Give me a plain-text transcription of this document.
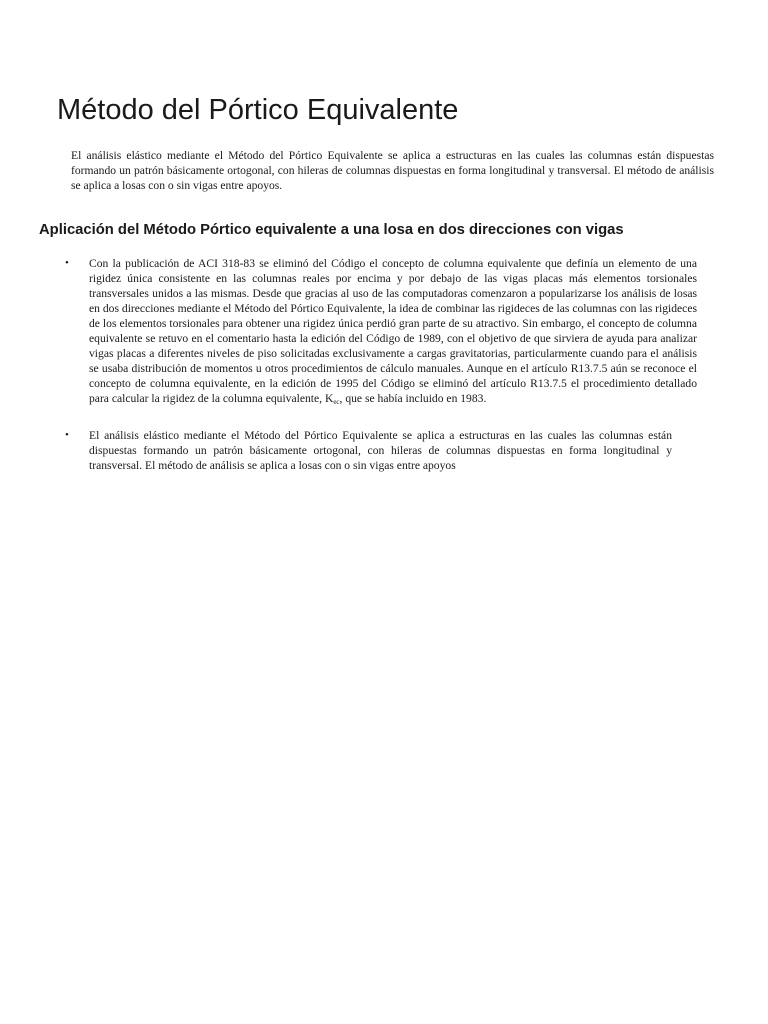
Método del Pórtico Equivalente

El análisis elástico mediante el Método del Pórtico Equivalente se aplica a estructuras en las cuales las columnas están dispuestas formando un patrón básicamente ortogonal, con hileras de columnas dispuestas en forma longitudinal y transversal. El método de análisis se aplica a losas con o sin vigas entre apoyos.

Aplicación del Método Pórtico equivalente a una losa en dos direcciones con vigas
• Con la publicación de ACI 318-83 se eliminó del Código el concepto de columna equivalente que definía un elemento de una rigidez única consistente en las columnas reales por encima y por debajo de las vigas placas más elementos torsionales transversales unidos a las mismas. Desde que gracias al uso de las computadoras comenzaron a popularizarse los análisis de losas en dos direcciones mediante el Método del Pórtico Equivalente, la idea de combinar las rigideces de las columnas con las rigideces de los elementos torsionales para obtener una rigidez única perdió gran parte de su atractivo. Sin embargo, el concepto de columna equivalente se retuvo en el comentario hasta la edición del Código de 1989, con el objetivo de que sirviera de ayuda para analizar vigas placas a diferentes niveles de piso solicitadas exclusivamente a cargas gravitatorias, particularmente cuando para el análisis se usaba distribución de momentos u otros procedimientos de cálculo manuales. Aunque en el artículo R13.7.5 aún se reconoce el concepto de columna equivalente, en la edición de 1995 del Código se eliminó del artículo R13.7.5 el procedimiento detallado para calcular la rigidez de la columna equivalente, $K_{ec}$, que se había incluido en 1983.
• El análisis elástico mediante el Método del Pórtico Equivalente se aplica a estructuras en las cuales las columnas están dispuestas formando un patrón básicamente ortogonal, con hileras de columnas dispuestas en forma longitudinal y transversal. El método de análisis se aplica a losas con o sin vigas entre apoyos
